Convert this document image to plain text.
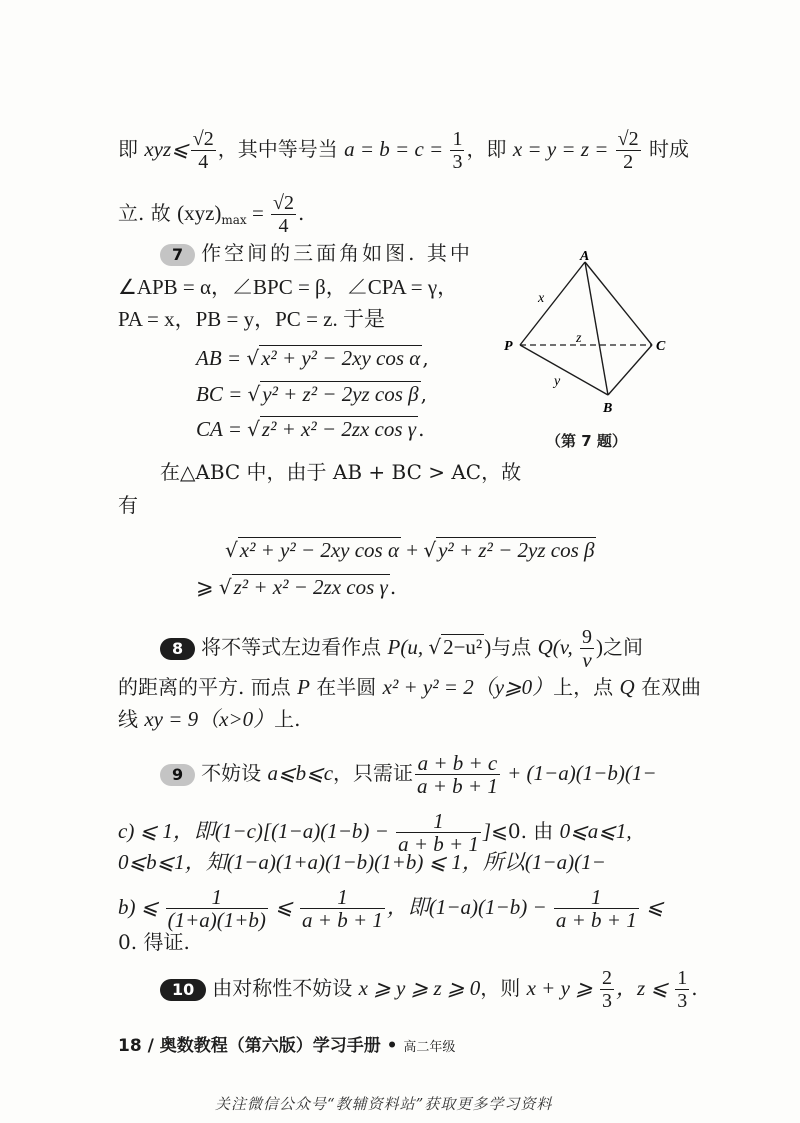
即 xyz⩽ $\frac{√2}{4}$ ，其中等号当 $a = b = c = \frac{1}{3}$ ，即 $x = y = z = \frac{√2}{2}$ 时成
立. 故 $(xyz)_{max} = \frac{√2}{4}$ .
7 作空间的三面角如图. 其中
∠APB = α，∠BPC = β，∠CPA = γ，
PA = x，PB = y，PC = z. 于是
AB = √x² + y² − 2xy cos α ,
BC = √y² + z² − 2yz cos β ,
CA = √z² + x² − 2zx cos γ .
在△ABC 中，由于 AB + BC > AC，故
有
√x² + y² − 2xy cos α + √y² + z² − 2yz cos β
⩾ √z² + x² − 2zx cos γ .
A
P	C
B
x
y
z
（第 7 题）
8 将不等式左边看作点 P(u, √2−u²)与点 Q(v, $\frac{9}{v}$ )之间
的距离的平方. 而点 P 在半圆 x² + y² = 2（y⩾0）上，点 Q 在双曲
线 xy = 9（x>0）上.
9 不妨设 a⩽b⩽c，只需证 $\frac{a + b + c}{a + b + 1} + (1-a)(1-b)(1-$
c) ⩽ 1，即$(1-c)[(1-a)(1-b) - \frac{1}{a + b + 1}$ ]⩽0. 由 0⩽a⩽1,
0⩽b⩽1，知(1−a)(1+a)(1−b)(1+b) ⩽ 1，所以(1−a)(1−
b) ⩽ $\frac{1}{(1+a)(1+b)}$ ⩽ $\frac{1}{a + b + 1}$ ，即$(1-a)(1-b) - \frac{1}{a + b + 1}$ ⩽
0. 得证.
10 由对称性不妨设 x ⩾ y ⩾ z ⩾ 0，则 x + y ⩾ $\frac{2}{3}$ ，z ⩽ $\frac{1}{3}$ .
18 / 奥数教程（第六版）学习手册 • 高二年级
关注微信公众号“教辅资料站”获取更多学习资料
